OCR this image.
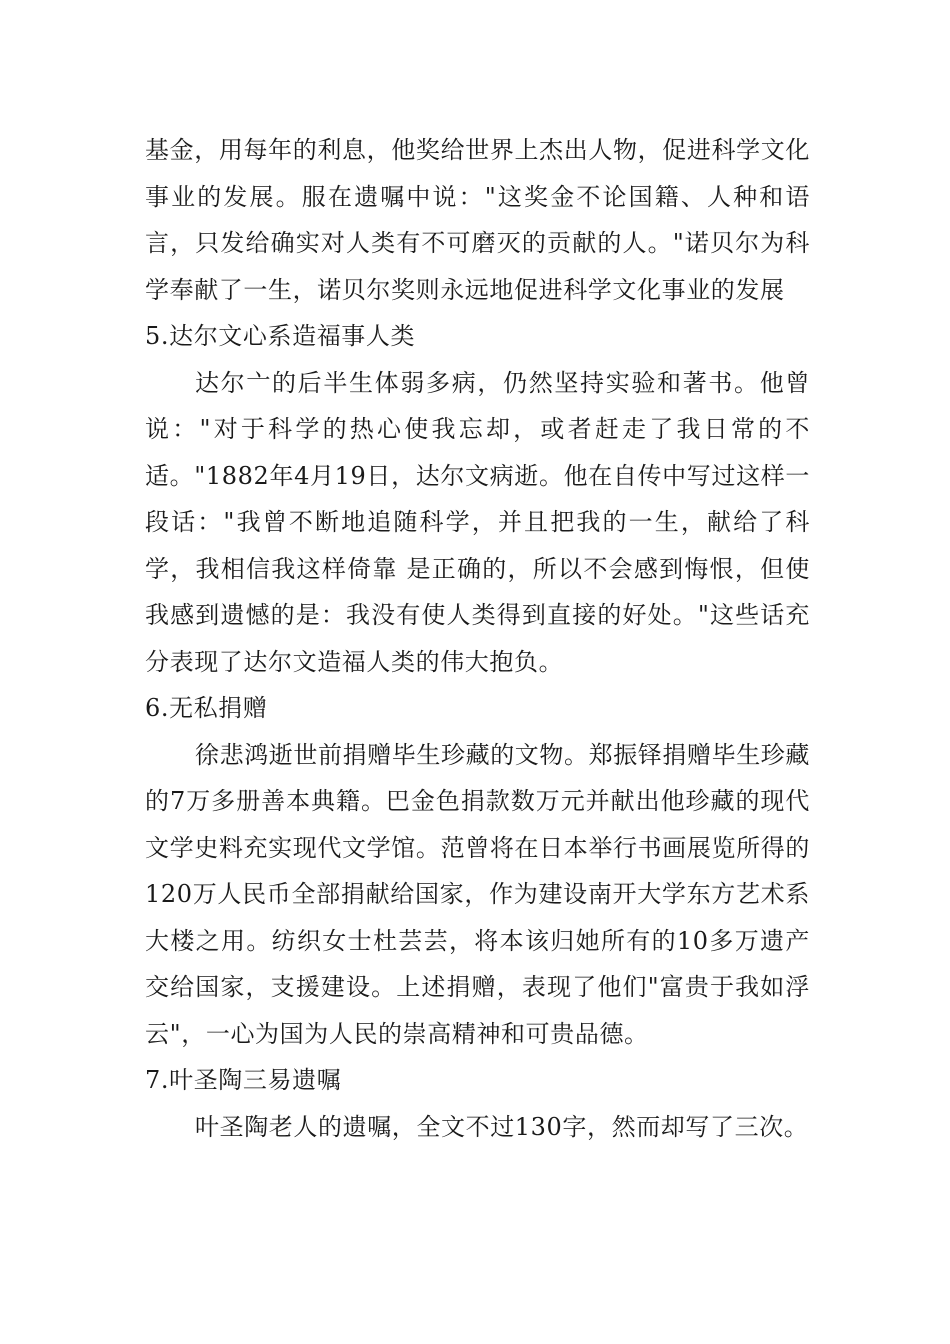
基金，用每年的利息，他奖给世界上杰出人物，促进科学文化事业的发展。服在遗嘱中说："这奖金不论国籍、人种和语言，只发给确实对人类有不可磨灭的贡献的人。"诺贝尔为科学奉献了一生，诺贝尔奖则永远地促进科学文化事业的发展

5.达尔文心系造福事人类

达尔亠的后半生体弱多病，仍然坚持实验和著书。他曾说："对于科学的热心使我忘却，或者赶走了我日常的不适。"1882年4月19日，达尔文病逝。他在自传中写过这样一段话："我曾不断地追随科学，并且把我的一生，献给了科学，我相信我这样倚靠 是正确的，所以不会感到悔恨，但使我感到遗憾的是：我没有使人类得到直接的好处。"这些话充分表现了达尔文造福人类的伟大抱负。

6.无私捐赠

徐悲鸿逝世前捐赠毕生珍藏的文物。郑振铎捐赠毕生珍藏的7万多册善本典籍。巴金色捐款数万元并献出他珍藏的现代文学史料充实现代文学馆。范曾将在日本举行书画展览所得的120万人民币全部捐献给国家，作为建设南开大学东方艺术系大楼之用。纺织女士杜芸芸，将本该归她所有的10多万遗产交给国家，支援建设。上述捐赠，表现了他们"富贵于我如浮云"，一心为国为人民的崇高精神和可贵品德。

7.叶圣陶三易遗嘱

叶圣陶老人的遗嘱，全文不过130字，然而却写了三次。
